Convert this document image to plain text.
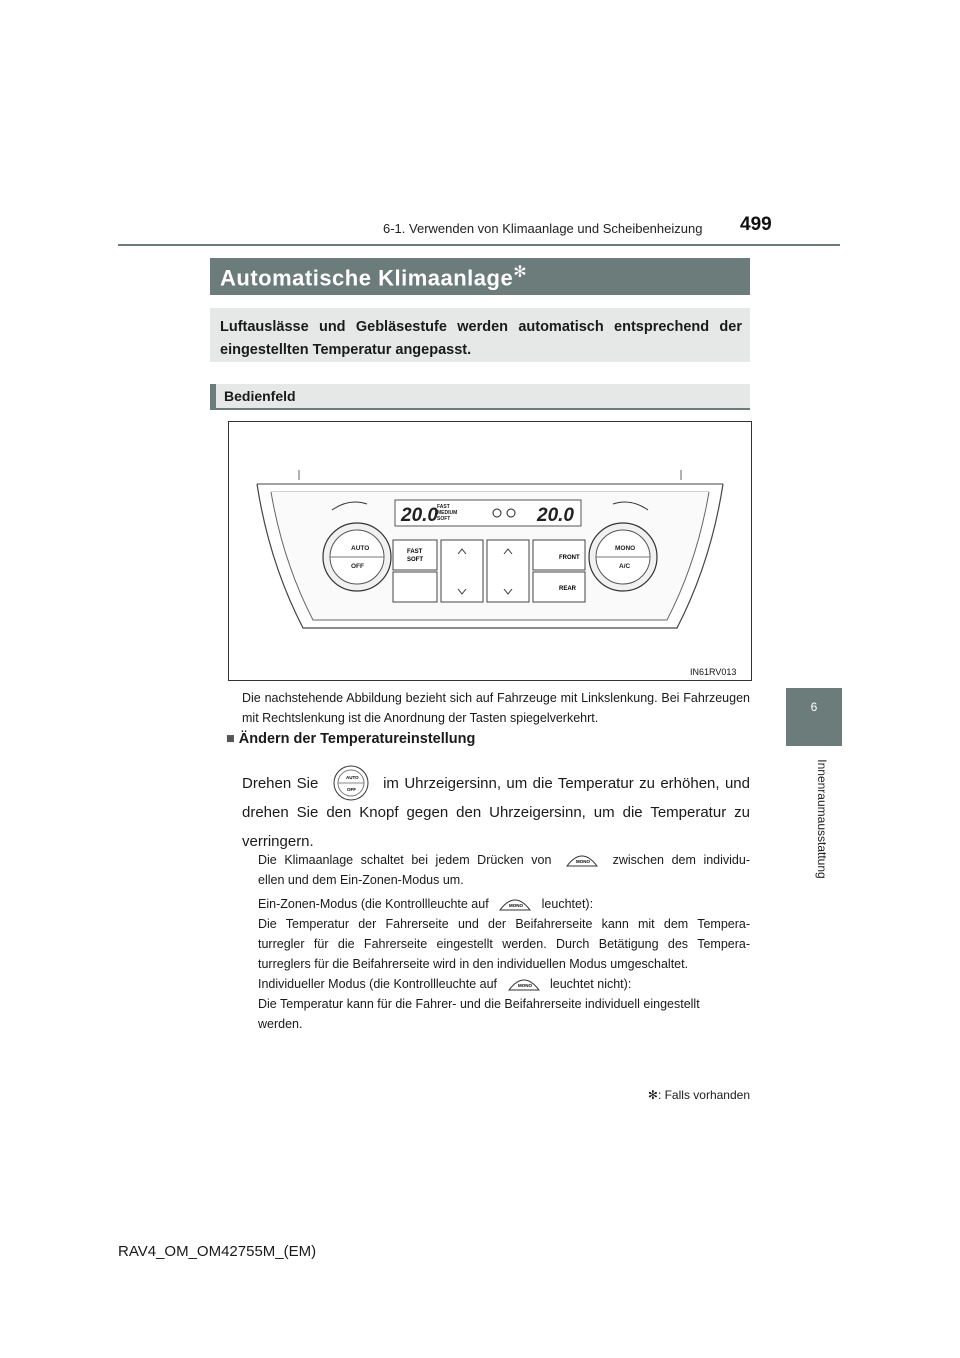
6-1. Verwenden von Klimaanlage und Scheibenheizung 499
6
Innenraumausstattung
Automatische Klimaanlage✻
Luftauslässe und Gebläsestufe werden automatisch entsprechend der eingestellten Temperatur angepasst.
Bedienfeld
20.0 FAST
MEDIUM
SOFT	20.0
AUTO
OFF
MONO
A/C
FAST
SOFT	FRONT
REAR
IN61RV013
Die nachstehende Abbildung bezieht sich auf Fahrzeuge mit Linkslenkung. Bei Fahrzeugen mit Rechtslenkung ist die Anordnung der Tasten spiegelverkehrt.
■ Ändern der Temperatureinstellung
Drehen Sie	AUTO
OFF im Uhrzeigersinn, um die Temperatur zu erhöhen, und
drehen Sie den Knopf gegen den Uhrzeigersinn, um die Temperatur zu
verringern.
Die Klimaanlage schaltet bei jedem Drücken von	MONO zwischen dem individu-
ellen und dem Ein-Zonen-Modus um.
Ein-Zonen-Modus (die Kontrollleuchte auf	MONO leuchtet):
Die Temperatur der Fahrerseite und der Beifahrerseite kann mit dem Tempera-
turregler für die Fahrerseite eingestellt werden. Durch Betätigung des Tempera-
turreglers für die Beifahrerseite wird in den individuellen Modus umgeschaltet.
Individueller Modus (die Kontrollleuchte auf	MONO leuchtet nicht):
Die Temperatur kann für die Fahrer- und die Beifahrerseite individuell eingestellt
werden.
✻: Falls vorhanden
RAV4_OM_OM42755M_(EM)
